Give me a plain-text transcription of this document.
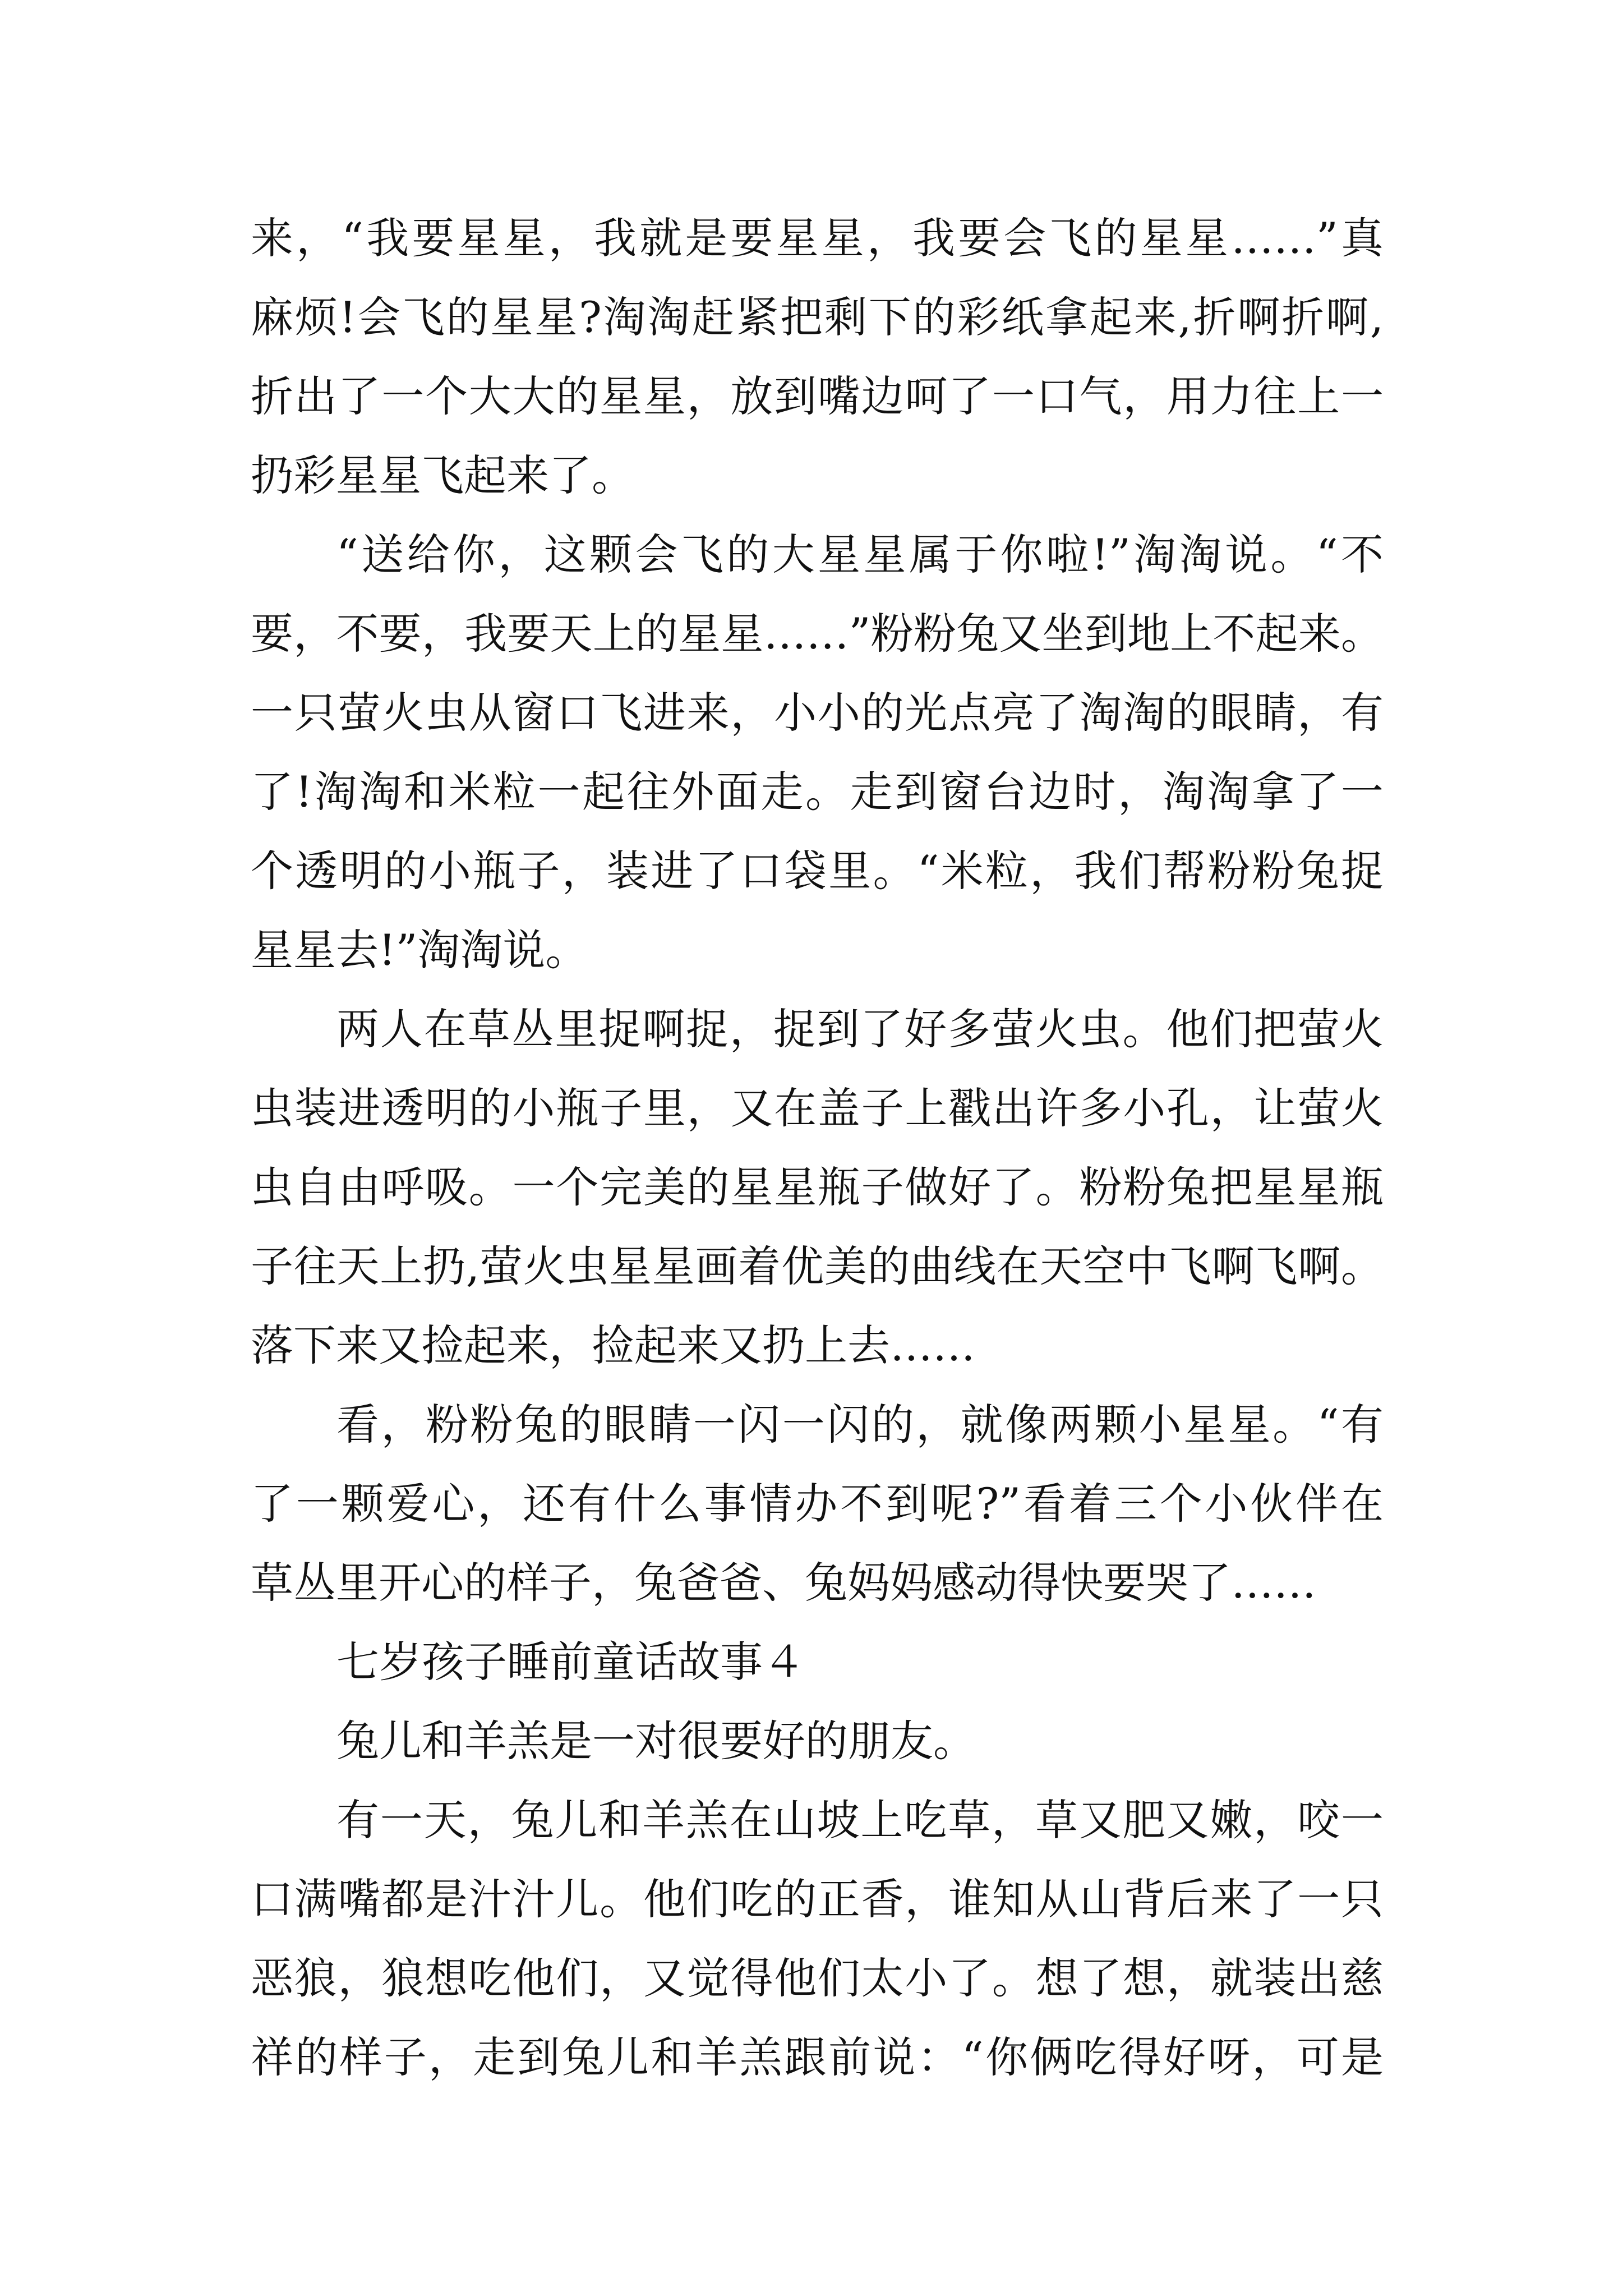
来，“我要星星，我就是要星星，我要会飞的星星……”真
麻烦!会飞的星星?淘淘赶紧把剩下的彩纸拿起来,折啊折啊,
折出了一个大大的星星，放到嘴边呵了一口气，用力往上一
扔彩星星飞起来了。
“送给你，这颗会飞的大星星属于你啦!”淘淘说。“不
要，不要，我要天上的星星……”粉粉兔又坐到地上不起来。
一只萤火虫从窗口飞进来，小小的光点亮了淘淘的眼睛，有
了!淘淘和米粒一起往外面走。走到窗台边时，淘淘拿了一
个透明的小瓶子，装进了口袋里。“米粒，我们帮粉粉兔捉
星星去!”淘淘说。
两人在草丛里捉啊捉，捉到了好多萤火虫。他们把萤火
虫装进透明的小瓶子里，又在盖子上戳出许多小孔，让萤火
虫自由呼吸。一个完美的星星瓶子做好了。粉粉兔把星星瓶
子往天上扔,萤火虫星星画着优美的曲线在天空中飞啊飞啊。
落下来又捡起来，捡起来又扔上去……
看，粉粉兔的眼睛一闪一闪的，就像两颗小星星。“有
了一颗爱心，还有什么事情办不到呢?”看着三个小伙伴在
草丛里开心的样子，兔爸爸、兔妈妈感动得快要哭了……
七岁孩子睡前童话故事４
兔儿和羊羔是一对很要好的朋友。
有一天，兔儿和羊羔在山坡上吃草，草又肥又嫩，咬一
口满嘴都是汁汁儿。他们吃的正香，谁知从山背后来了一只
恶狼，狼想吃他们，又觉得他们太小了。想了想，就装出慈
祥的样子，走到兔儿和羊羔跟前说：“你俩吃得好呀，可是
